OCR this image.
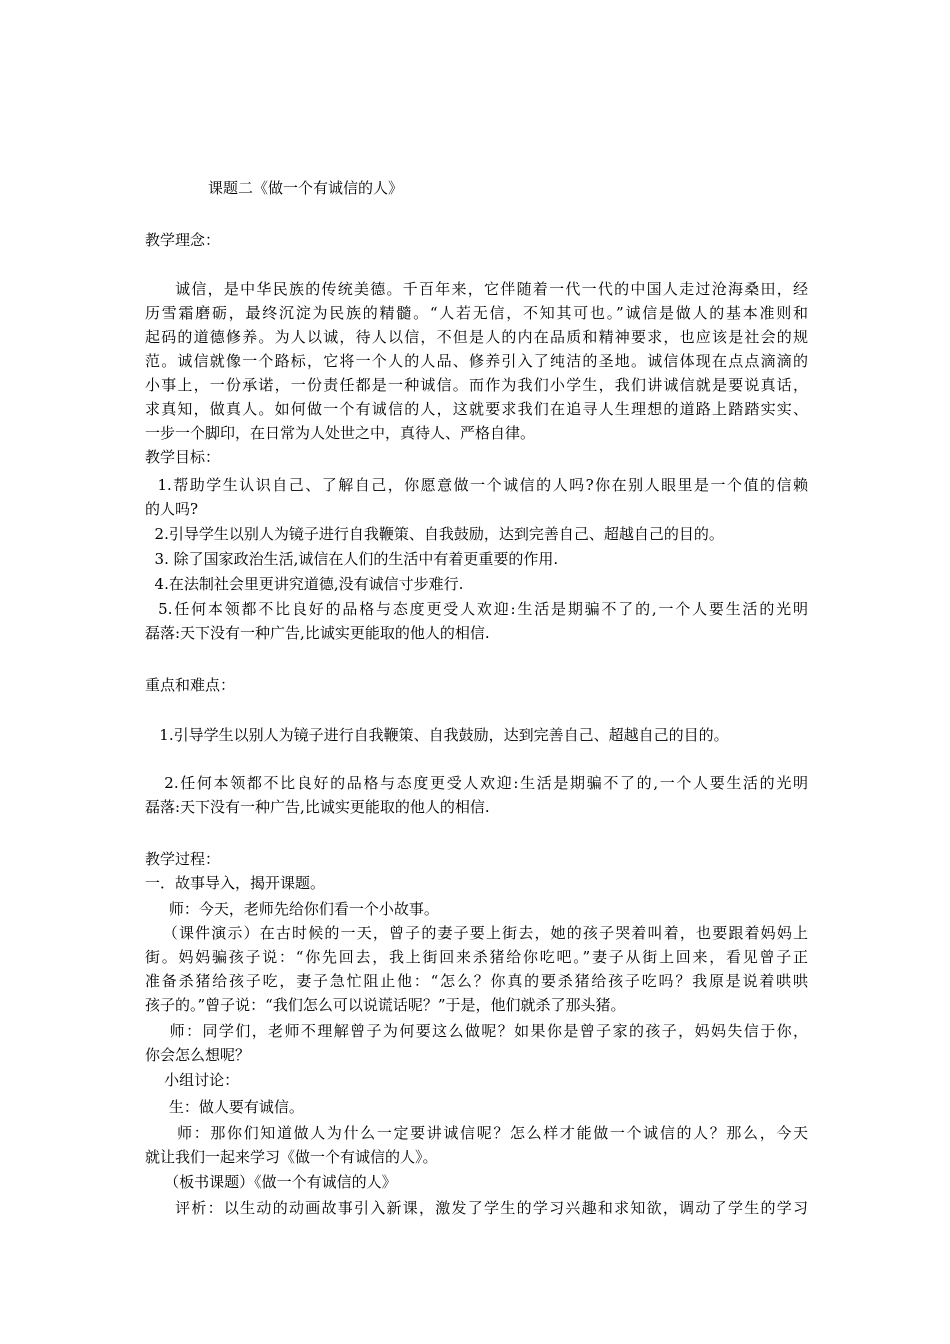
课题二《做一个有诚信的人》
教学理念：
诚信，是中华民族的传统美德。千百年来，它伴随着一代一代的中国人走过沧海桑田，经
历雪霜磨砺，最终沉淀为民族的精髓。“人若无信，不知其可也。”诚信是做人的基本准则和
起码的道德修养。为人以诚，待人以信，不但是人的内在品质和精神要求，也应该是社会的规
范。诚信就像一个路标，它将一个人的人品、修养引入了纯洁的圣地。诚信体现在点点滴滴的
小事上，一份承诺，一份责任都是一种诚信。而作为我们小学生，我们讲诚信就是要说真话，
求真知，做真人。如何做一个有诚信的人，这就要求我们在追寻人生理想的道路上踏踏实实、
一步一个脚印，在日常为人处世之中，真待人、严格自律。
教学目标：
1.帮助学生认识自己、了解自己，你愿意做一个诚信的人吗?你在别人眼里是一个值的信赖
的人吗?
2.引导学生以别人为镜子进行自我鞭策、自我鼓励，达到完善自己、超越自己的目的。
3. 除了国家政治生活,诚信在人们的生活中有着更重要的作用.
4.在法制社会里更讲究道德,没有诚信寸步难行.
5.任何本领都不比良好的品格与态度更受人欢迎:生活是期骗不了的,一个人要生活的光明
磊落:天下没有一种广告,比诚实更能取的他人的相信.
重点和难点：
1.引导学生以别人为镜子进行自我鞭策、自我鼓励，达到完善自己、超越自己的目的。
2.任何本领都不比良好的品格与态度更受人欢迎:生活是期骗不了的,一个人要生活的光明
磊落:天下没有一种广告,比诚实更能取的他人的相信.
教学过程：
一．故事导入，揭开课题。
师：今天，老师先给你们看一个小故事。
（课件演示）在古时候的一天，曾子的妻子要上街去，她的孩子哭着叫着，也要跟着妈妈上
街。妈妈骗孩子说：“你先回去，我上街回来杀猪给你吃吧。”妻子从街上回来，看见曾子正
准备杀猪给孩子吃，妻子急忙阻止他：“怎么？你真的要杀猪给孩子吃吗？我原是说着哄哄
孩子的。”曾子说：“我们怎么可以说谎话呢？”于是，他们就杀了那头猪。
师：同学们，老师不理解曾子为何要这么做呢？如果你是曾子家的孩子，妈妈失信于你，
你会怎么想呢？
小组讨论：
生：做人要有诚信。
师：那你们知道做人为什么一定要讲诚信呢？怎么样才能做一个诚信的人？那么，今天
就让我们一起来学习《做一个有诚信的人》。
（板书课题）《做一个有诚信的人》
评析：以生动的动画故事引入新课，激发了学生的学习兴趣和求知欲，调动了学生的学习
